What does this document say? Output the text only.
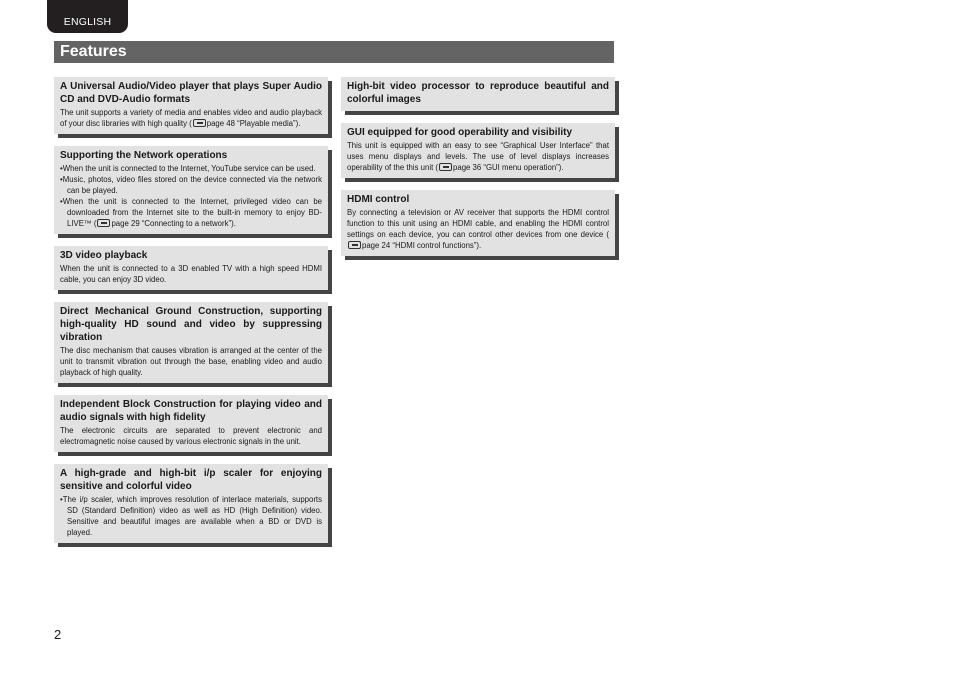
ENGLISH
Features
A Universal Audio/Video player that plays Super Audio CD and DVD-Audio formats

The unit supports a variety of media and enables video and audio playback of your disc libraries with high quality ( page 48 “Playable media”).

Supporting the Network operations
• When the unit is connected to the Internet, YouTube service can be used.
• Music, photos, video files stored on the device connected via the network can be played.
• When the unit is connected to the Internet, privileged video can be downloaded from the Internet site to the built-in memory to enjoy BD-LIVE™ ( page 29 “Connecting to a network”).
3D video playback

When the unit is connected to a 3D enabled TV with a high speed HDMI cable, you can enjoy 3D video.

Direct Mechanical Ground Construction, supporting high-quality HD sound and video by suppressing vibration

The disc mechanism that causes vibration is arranged at the center of the unit to transmit vibration out through the base, enabling video and audio playback of high quality.

Independent Block Construction for playing video and audio signals with high fidelity

The electronic circuits are separated to prevent electronic and electromagnetic noise caused by various electronic signals in the unit.

A high-grade and high-bit i/p scaler for enjoying sensitive and colorful video
• The i/p scaler, which improves resolution of interlace materials, supports SD (Standard Definition) video as well as HD (High Definition) video. Sensitive and beautiful images are available when a BD or DVD is played.
High-bit video processor to reproduce beautiful and colorful images
GUI equipped for good operability and visibility

This unit is equipped with an easy to see “Graphical User Interface” that uses menu displays and levels. The use of level displays increases operability of the this unit ( page 36 “GUI menu operation”).

HDMI control

By connecting a television or AV receiver that supports the HDMI control function to this unit using an HDMI cable, and enabling the HDMI control settings on each device, you can control other devices from one device (page 24 “HDMI control functions”).

2
